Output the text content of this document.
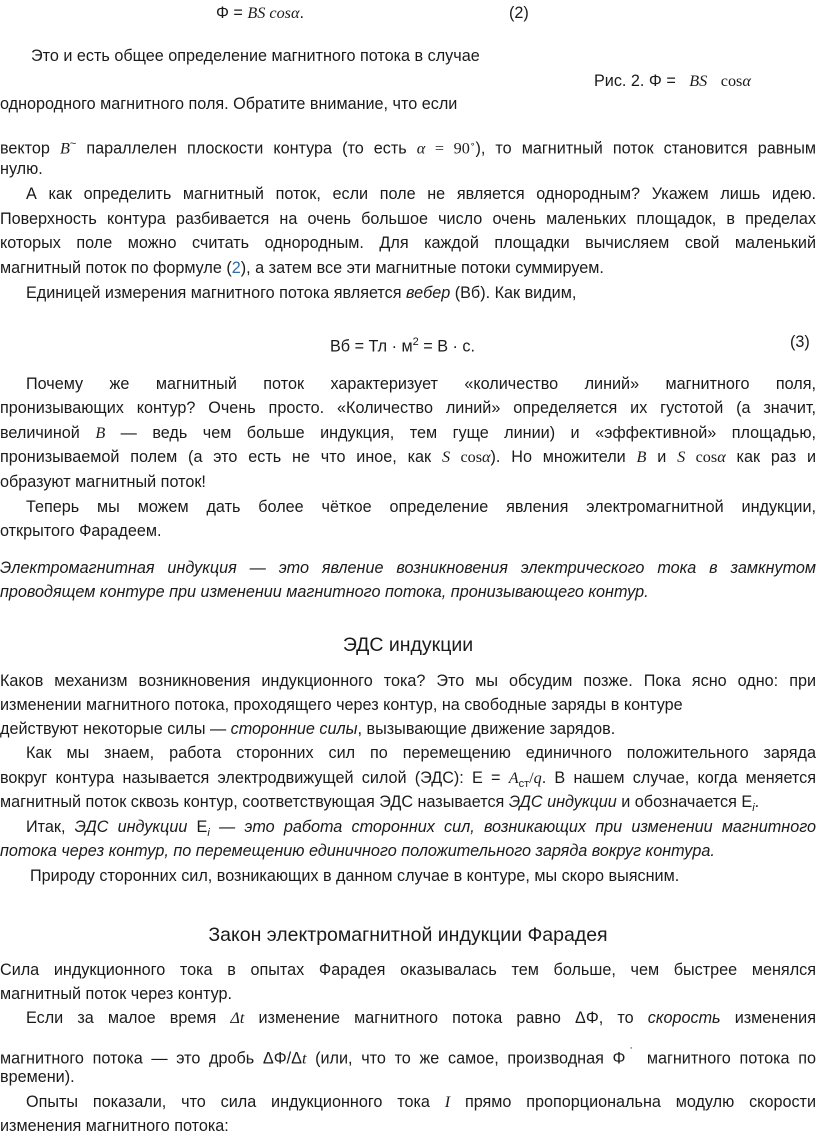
Φ = BS cosα.	(2)
Это и есть общее определение магнитного потока в случае
Рис. 2. Φ = BS cosα
однородного магнитного поля. Обратите внимание, что если
вектор B~ параллелен плоскости контура (то есть α = 90∘), то магнитный поток становится равным
нулю.
А как определить магнитный поток, если поле не является однородным? Укажем лишь идею.
Поверхность контура разбивается на очень большое число очень маленьких площадок, в пределах
которых поле можно считать однородным. Для каждой площадки вычисляем свой маленький
магнитный поток по формуле (2), а затем все эти магнитные потоки суммируем.
Единицей измерения магнитного потока является вебер (Вб). Как видим,
Вб = Тл · $м^2 = В \cdot с$.	(3)
Почему же магнитный поток характеризует «количество линий» магнитного поля,
пронизывающих контур? Очень просто. «Количество линий» определяется их густотой (а значит,
величиной B — ведь чем больше индукция, тем гуще линии) и «эффективной» площадью,
пронизываемой полем (а это есть не что иное, как S cosα). Но множители B и S cosα как раз и
образуют магнитный поток!
Теперь мы можем дать более чёткое определение явления электромагнитной индукции,
открытого Фарадеем.
Электромагнитная индукция — это явление возникновения электрического тока в замкнутом
проводящем контуре при изменении магнитного потока, пронизывающего контур.
ЭДС индукции
Каков механизм возникновения индукционного тока? Это мы обсудим позже. Пока ясно одно: при
изменении магнитного потока, проходящего через контур, на свободные заряды в контуре
действуют некоторые силы — сторонние силы, вызывающие движение зарядов.
Как мы знаем, работа сторонних сил по перемещению единичного положительного заряда
вокруг контура называется электродвижущей силой (ЭДС): $E = A_{ст}/q$. В нашем случае, когда меняется
магнитный поток сквозь контур, соответствующая ЭДС называется ЭДС индукции и обозначается $E_i$.
Итак, ЭДС индукции $E_i$ — это работа сторонних сил, возникающих при изменении магнитного
потока через контур, по перемещению единичного положительного заряда вокруг контура.
Природу сторонних сил, возникающих в данном случае в контуре, мы скоро выясним.
Закон электромагнитной индукции Фарадея
Сила индукционного тока в опытах Фарадея оказывалась тем больше, чем быстрее менялся
магнитный поток через контур.
Если за малое время Δt изменение магнитного потока равно ΔΦ, то скорость изменения
магнитного потока — это дробь ΔΦ/Δt (или, что то же самое, производная Φ˙ магнитного потока по
времени).
Опыты показали, что сила индукционного тока I прямо пропорциональна модулю скорости
изменения магнитного потока:
